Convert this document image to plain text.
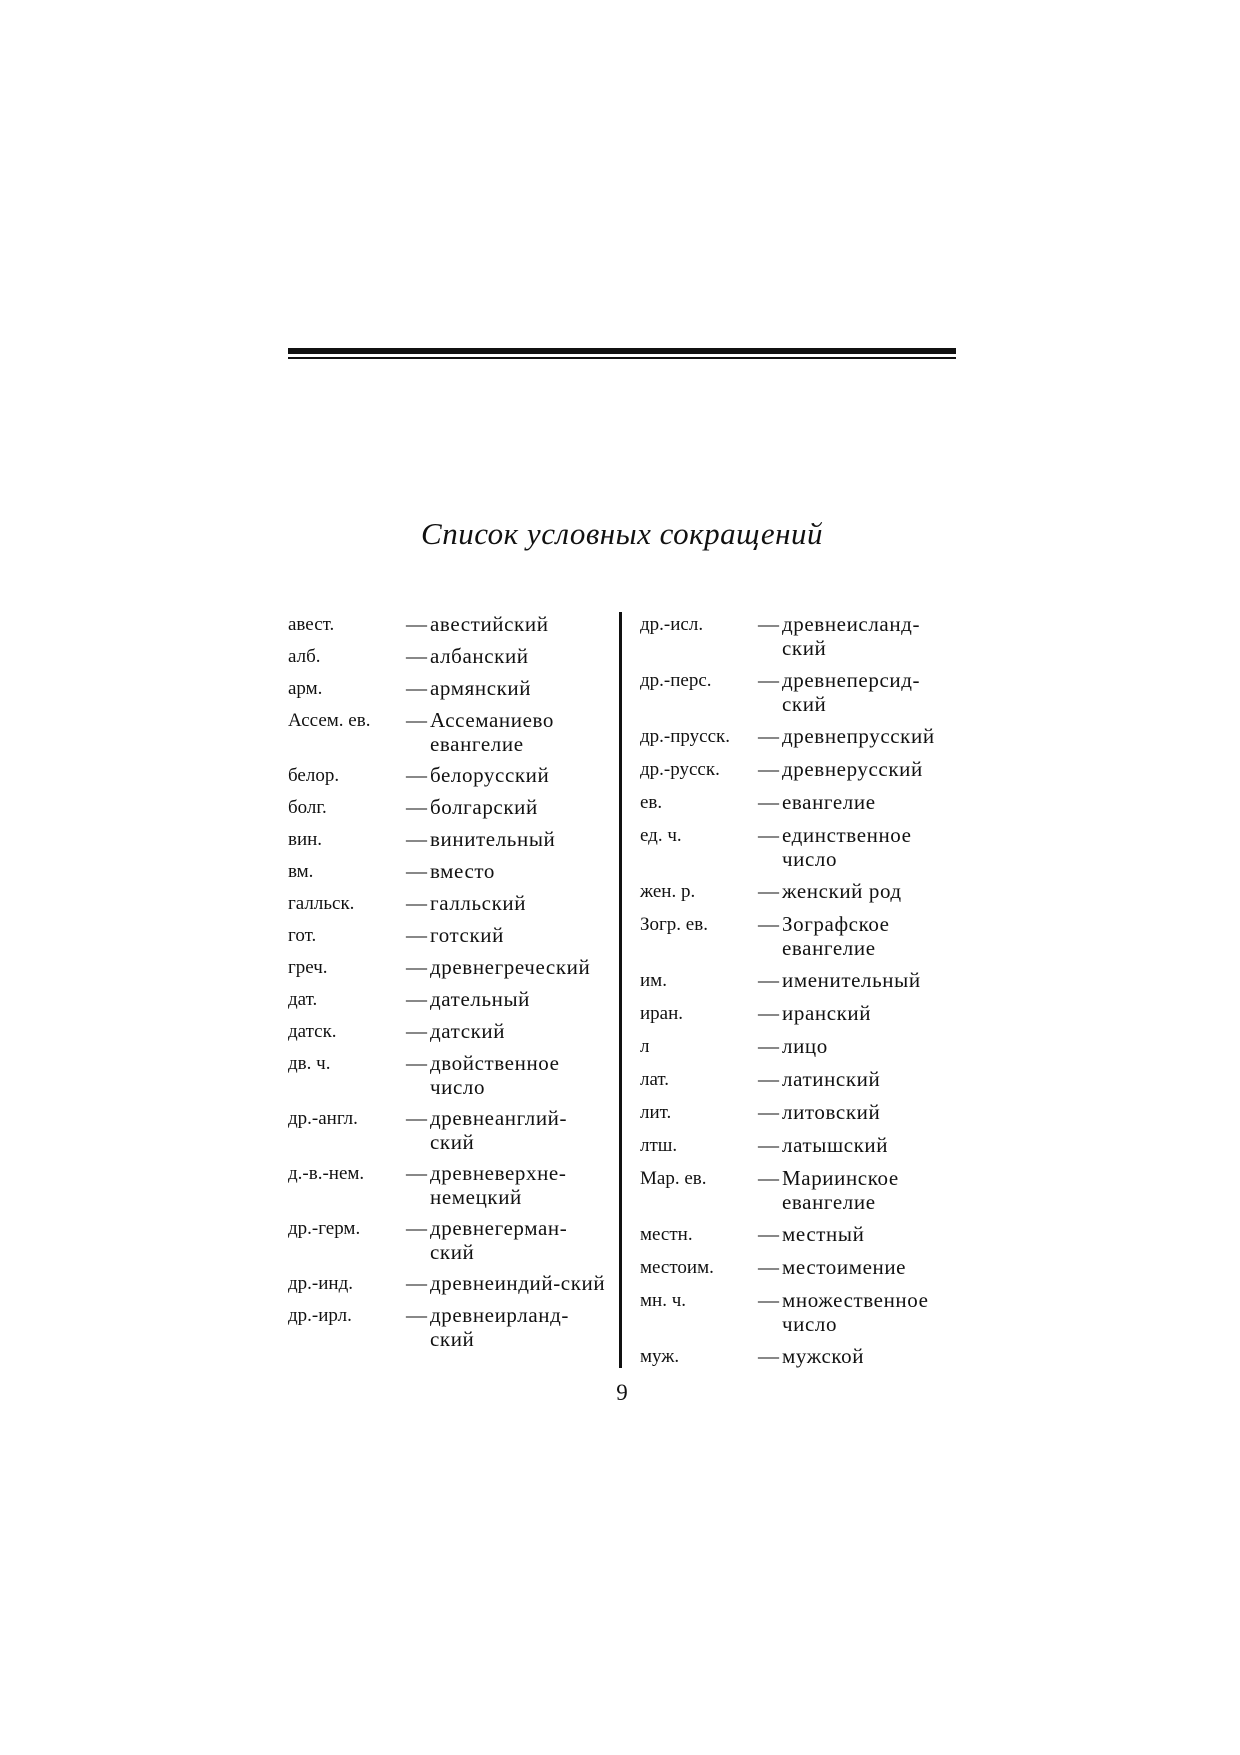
Список условных сокращений
авест.	— авестийский
алб.	— албанский
арм.	— армянский
Ассем. ев.	— Ассеманиево евангелие
белор.	— белорусский
болг.	— болгарский
вин.	— винительный
вм.	— вместо
галльск.	— галльский
гот.	— готский
греч.	— древнегреческий
дат.	— дательный
датск.	— датский
дв. ч.	— двойственное число
др.-англ.	— древнеанглий-ский
д.-в.-нем.	— древневерхне-немецкий
др.-герм.	— древнегерман-ский
др.-инд.	— древнеиндий-ский
др.-ирл.	— древнеирланд-ский
др.-исл.	— древнеисланд-ский
др.-перс.	— древнеперсид-ский
др.-прусск.	— древнепрусский
др.-русск.	— древнерусский
ев.	— евангелие
ед. ч.	— единственное число
жен. р.	— женский род
Зогр. ев.	— Зографское евангелие
им.	— именительный
иран.	— иранский
л	— лицо
лат.	— латинский
лит.	— литовский
лтш.	— латышский
Мар. ев.	— Мариинское евангелие
местн.	— местный
местоим.	— местоимение
мн. ч.	— множественное число
муж.	— мужской
9
